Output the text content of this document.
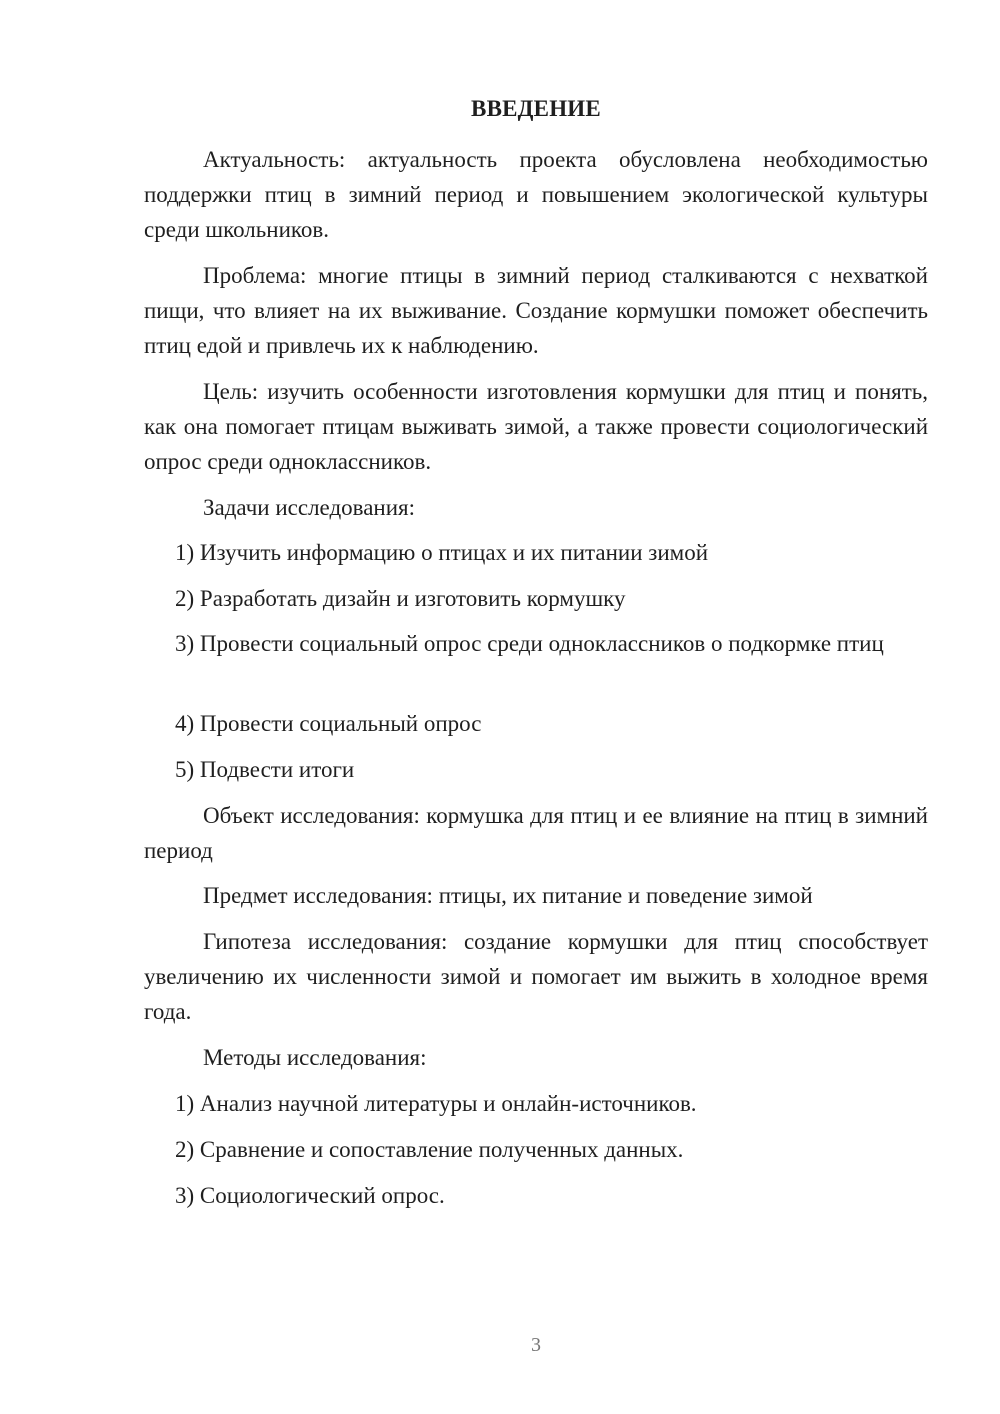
ВВЕДЕНИЕ
Актуальность: актуальность проекта обусловлена необходимостью поддержки птиц в зимний период и повышением экологической культуры среди школьников.
Проблема: многие птицы в зимний период сталкиваются с нехваткой пищи, что влияет на их выживание. Создание кормушки поможет обеспечить птиц едой и привлечь их к наблюдению.
Цель: изучить особенности изготовления кормушки для птиц и понять, как она помогает птицам выживать зимой, а также провести социологический опрос среди одноклассников.
Задачи исследования:
1) Изучить информацию о птицах и их питании зимой
2) Разработать дизайн и изготовить кормушку
3) Провести социальный опрос среди одноклассников о подкормке птиц
4) Провести социальный опрос
5) Подвести итоги
Объект исследования: кормушка для птиц и ее влияние на птиц в зимний период
Предмет исследования: птицы, их питание и поведение зимой
Гипотеза исследования: создание кормушки для птиц способствует увеличению их численности зимой и помогает им выжить в холодное время года.
Методы исследования:
1) Анализ научной литературы и онлайн-источников.
2) Сравнение и сопоставление полученных данных.
3) Социологический опрос.
3
